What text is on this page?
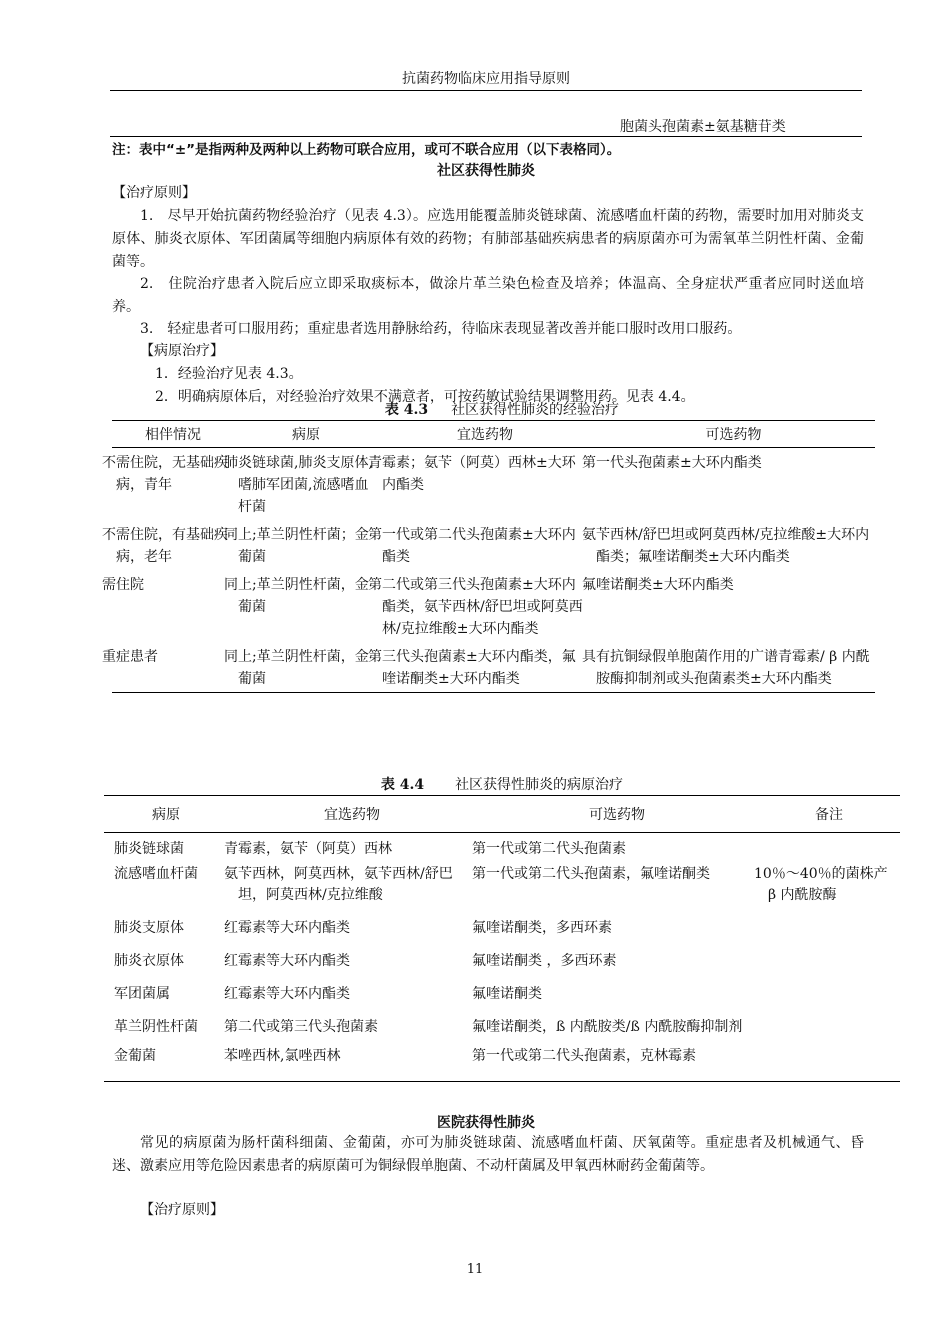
抗菌药物临床应用指导原则
胞菌头孢菌素±氨基糖苷类
注：表中“±”是指两种及两种以上药物可联合应用，或可不联合应用（以下表格同）。
社区获得性肺炎
【治疗原则】
1.　尽早开始抗菌药物经验治疗（见表 4.3）。应选用能覆盖肺炎链球菌、流感嗜血杆菌的药物，需要时加用对肺炎支原体、肺炎衣原体、军团菌属等细胞内病原体有效的药物；有肺部基础疾病患者的病原菌亦可为需氧革兰阴性杆菌、金葡菌等。
2.　住院治疗患者入院后应立即采取痰标本，做涂片革兰染色检查及培养；体温高、全身症状严重者应同时送血培养。
3.　轻症患者可口服用药；重症患者选用静脉给药，待临床表现显著改善并能口服时改用口服药。
【病原治疗】
1．经验治疗见表 4.3。
2．明确病原体后，对经验治疗效果不满意者，可按药敏试验结果调整用药。见表 4.4。
表 4.3 社区获得性肺炎的经验治疗
相伴情况	病原	宜选药物	可选药物
不需住院，无基础疾病，青年	肺炎链球菌,肺炎支原体,嗜肺军团菌,流感嗜血杆菌	青霉素；氨苄（阿莫）西林±大环内酯类	第一代头孢菌素±大环内酯类
不需住院，有基础疾病，老年	同上;革兰阴性杆菌；金葡菌	第一代或第二代头孢菌素±大环内酯类	氨苄西林/舒巴坦或阿莫西林/克拉维酸±大环内酯类；氟喹诺酮类±大环内酯类
需住院	同上;革兰阴性杆菌，金葡菌	第二代或第三代头孢菌素±大环内酯类，氨苄西林/舒巴坦或阿莫西林/克拉维酸±大环内酯类	氟喹诺酮类±大环内酯类
重症患者	同上;革兰阴性杆菌，金葡菌	第三代头孢菌素±大环内酯类，氟喹诺酮类±大环内酯类	具有抗铜绿假单胞菌作用的广谱青霉素/ β 内酰胺酶抑制剂或头孢菌素类±大环内酯类
表 4.4 社区获得性肺炎的病原治疗
病原	宜选药物	可选药物	备注
肺炎链球菌	青霉素，氨苄（阿莫）西林	第一代或第二代头孢菌素	
流感嗜血杆菌	氨苄西林，阿莫西林，氨苄西林/舒巴坦，阿莫西林/克拉维酸	第一代或第二代头孢菌素，氟喹诺酮类	10％～40％的菌株产 β 内酰胺酶
肺炎支原体	红霉素等大环内酯类	氟喹诺酮类，多西环素	
肺炎衣原体	红霉素等大环内酯类	氟喹诺酮类 ，多西环素	
军团菌属	红霉素等大环内酯类	氟喹诺酮类	
革兰阴性杆菌	第二代或第三代头孢菌素	氟喹诺酮类，ß 内酰胺类/ß 内酰胺酶抑制剂	
金葡菌	苯唑西林,氯唑西林	第一代或第二代头孢菌素，克林霉素	
医院获得性肺炎
常见的病原菌为肠杆菌科细菌、金葡菌，亦可为肺炎链球菌、流感嗜血杆菌、厌氧菌等。重症患者及机械通气、昏迷、激素应用等危险因素患者的病原菌可为铜绿假单胞菌、不动杆菌属及甲氧西林耐药金葡菌等。
【治疗原则】
11
